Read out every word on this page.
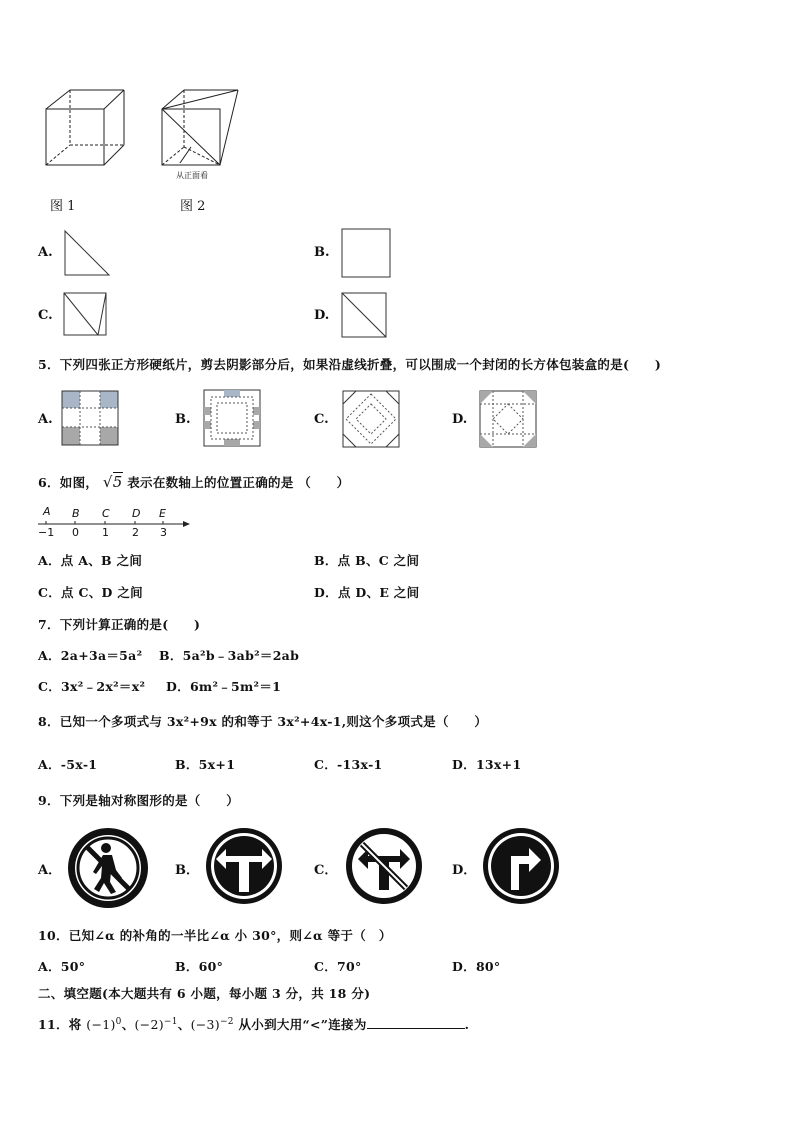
图 1
从正面看
图 2
A.	B.
C.	D.
5．下列四张正方形硬纸片，剪去阴影部分后，如果沿虚线折叠，可以围成一个封闭的长方体包装盒的是(　　)
A.	B.	C.	D.
6．如图， √5 表示在数轴上的位置正确的是 （　　）
A B C D E
−1 0 1 2 3
A．点 A、B 之间	B．点 B、C 之间
C．点 C、D 之间	D．点 D、E 之间
7．下列计算正确的是(　　)
A．2a+3a＝5a² B．5a²b﹣3ab²＝2ab
C．3x²﹣2x²＝x² D．6m²﹣5m²＝1
8．已知一个多项式与 3x²+9x 的和等于 3x²+4x-1,则这个多项式是（　　）
A．-5x-1	B．5x+1	C．-13x-1	D．13x+1
9．下列是轴对称图形的是（　　）
A．	B．	C．	D．
10．已知∠α 的补角的一半比∠α 小 30°，则∠α 等于（　）
A．50°	B．60°	C．70°	D．80°
二、填空题(本大题共有 6 小题，每小题 3 分，共 18 分)
11．将 $(-1)^0$、$(-2)^{-1}$、$(-3)^{-2}$ 从小到大用“<”连接为	.
